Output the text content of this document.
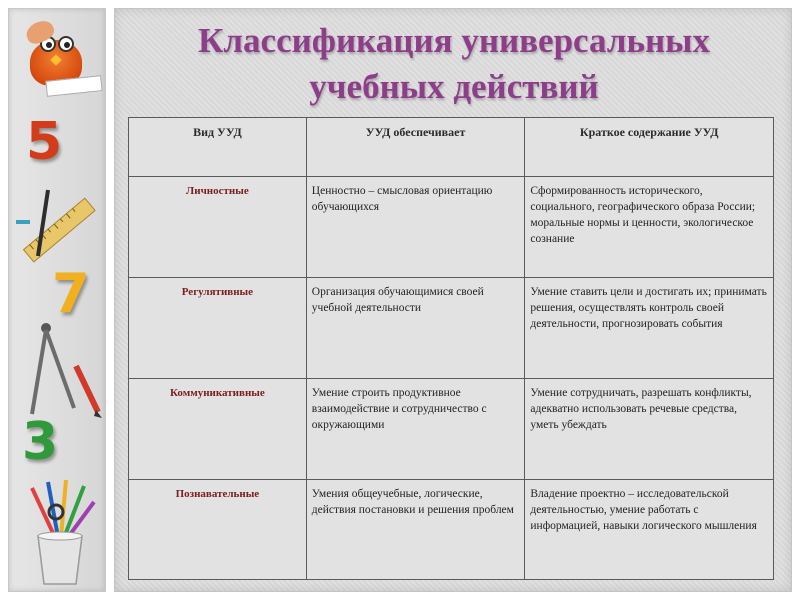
5
7
3
Классификация универсальных
учебных действий
Вид УУД	УУД обеспечивает	Краткое содержание УУД
Личностные	Ценностно – смысловая ориентацию обучающихся	Сформированность исторического, социального, географического образа России; моральные нормы и ценности, экологическое сознание
Регулятивные	Организация обучающимися своей учебной деятельности	Умение ставить цели и достигать их; принимать решения, осуществлять контроль своей деятельности, прогнозировать события
Коммуникативные	Умение строить продуктивное взаимодействие и сотрудничество с окружающими	Умение сотрудничать, разрешать конфликты, адекватно использовать речевые средства, уметь убеждать
Познавательные	Умения общеучебные, логические, действия постановки и решения проблем	Владение проектно – исследовательской деятельностью, умение работать с информацией, навыки логического мышления
